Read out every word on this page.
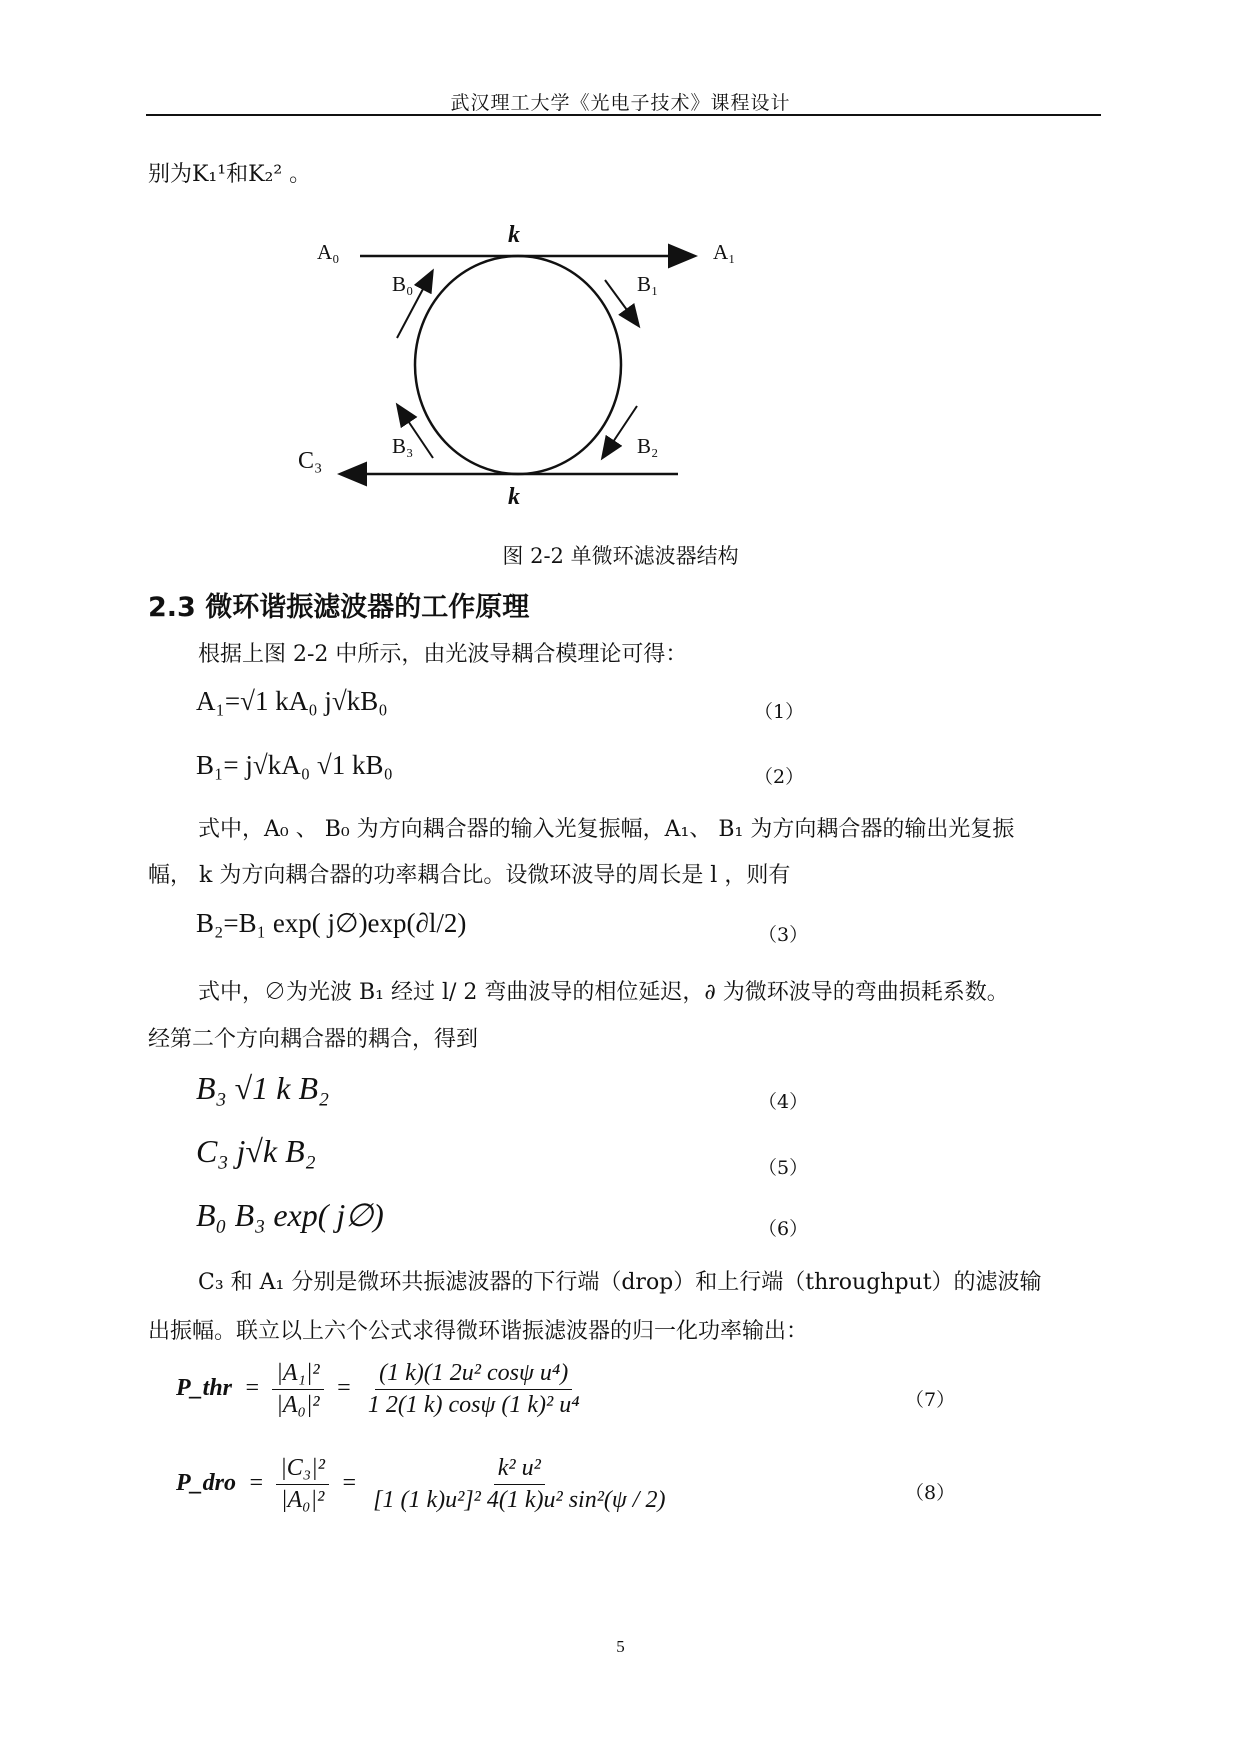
武汉理工大学《光电子技术》课程设计
别为K₁¹和K₂² 。
k
k
A₀	A₁
B₀	B₁
B₂
B₃
C₃
图 2-2 单微环滤波器结构
2.3 微环谐振滤波器的工作原理
根据上图 2-2 中所示，由光波导耦合模理论可得：
A₁=√1 kA₀ j√kB₀	（1）
B₁= j√kA₀ √1 kB₀	（2）
式中，A₀ 、 B₀ 为方向耦合器的输入光复振幅，A₁、 B₁ 为方向耦合器的输出光复振
幅， k 为方向耦合器的功率耦合比。设微环波导的周长是 l ，则有
B₂=B₁ exp( j∅)exp(∂l/2)	（3）
式中，∅为光波 B₁ 经过 l/ 2 弯曲波导的相位延迟，∂ 为微环波导的弯曲损耗系数。
经第二个方向耦合器的耦合，得到
B₃ √1 k B₂	（4）
C₃ j√k B₂	（5）
B₀ B₃ exp( j∅)	（6）
C₃ 和 A₁ 分别是微环共振滤波器的下行端（drop）和上行端（throughput）的滤波输
出振幅。联立以上六个公式求得微环谐振滤波器的归一化功率输出：
P_thr = $\frac{\text{|A₁|²}}{\text{|A₀|²}} = \frac{\text{(1 k)(1 2u² cosψ u⁴)}}{\text{1 2(1 k) cosψ (1 k)² u⁴}}$	（7）
P_dro = $\frac{\text{|C₃|²}}{\text{|A₀|²}} = \frac{\text{k² u²}}{\text{[1 (1 k)u²]² 4(1 k)u² sin²(ψ / 2)}}$	（8）
5
